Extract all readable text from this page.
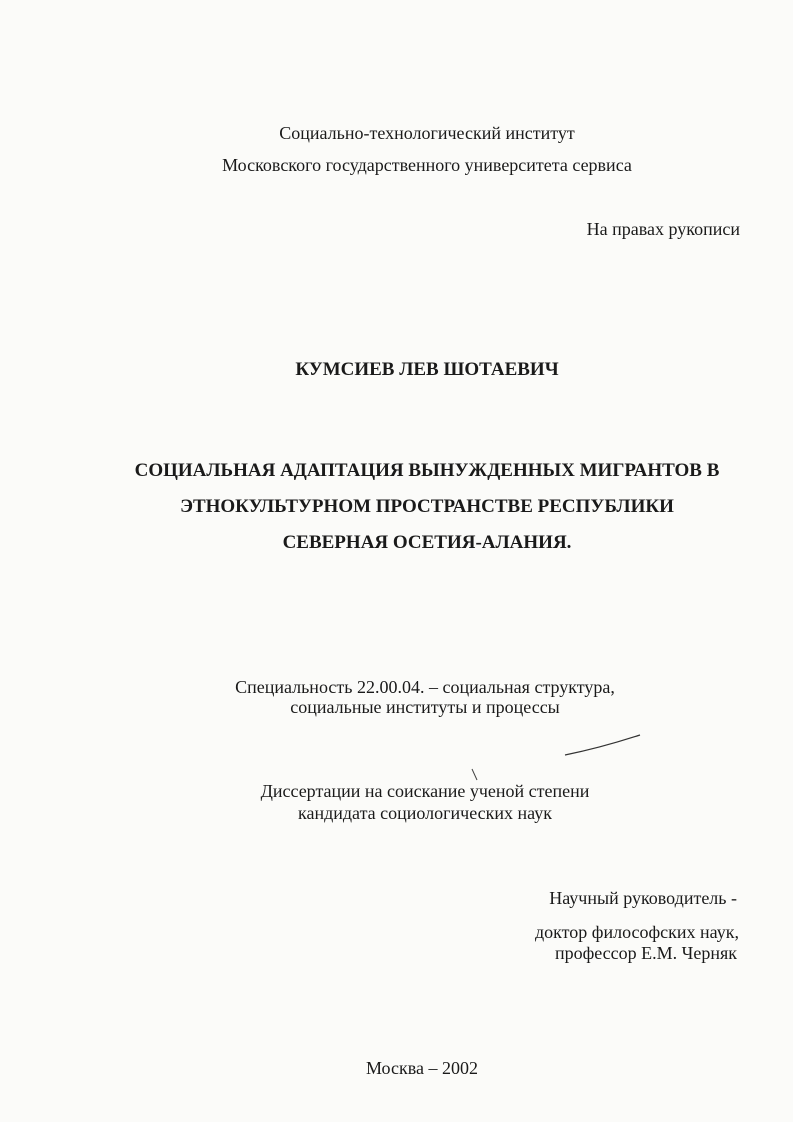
Социально-технологический институт
Московского государственного университета сервиса
На правах рукописи
КУМСИЕВ ЛЕВ ШОТАЕВИЧ
СОЦИАЛЬНАЯ АДАПТАЦИЯ ВЫНУЖДЕННЫХ МИГРАНТОВ В
ЭТНОКУЛЬТУРНОМ ПРОСТРАНСТВЕ РЕСПУБЛИКИ
СЕВЕРНАЯ ОСЕТИЯ-АЛАНИЯ.
Специальность 22.00.04. – социальная структура,
социальные институты и процессы
Диссертации на соискание ученой степени
кандидата социологических наук
Научный руководитель -
доктор философских наук,
профессор Е.М. Черняк
Москва – 2002
